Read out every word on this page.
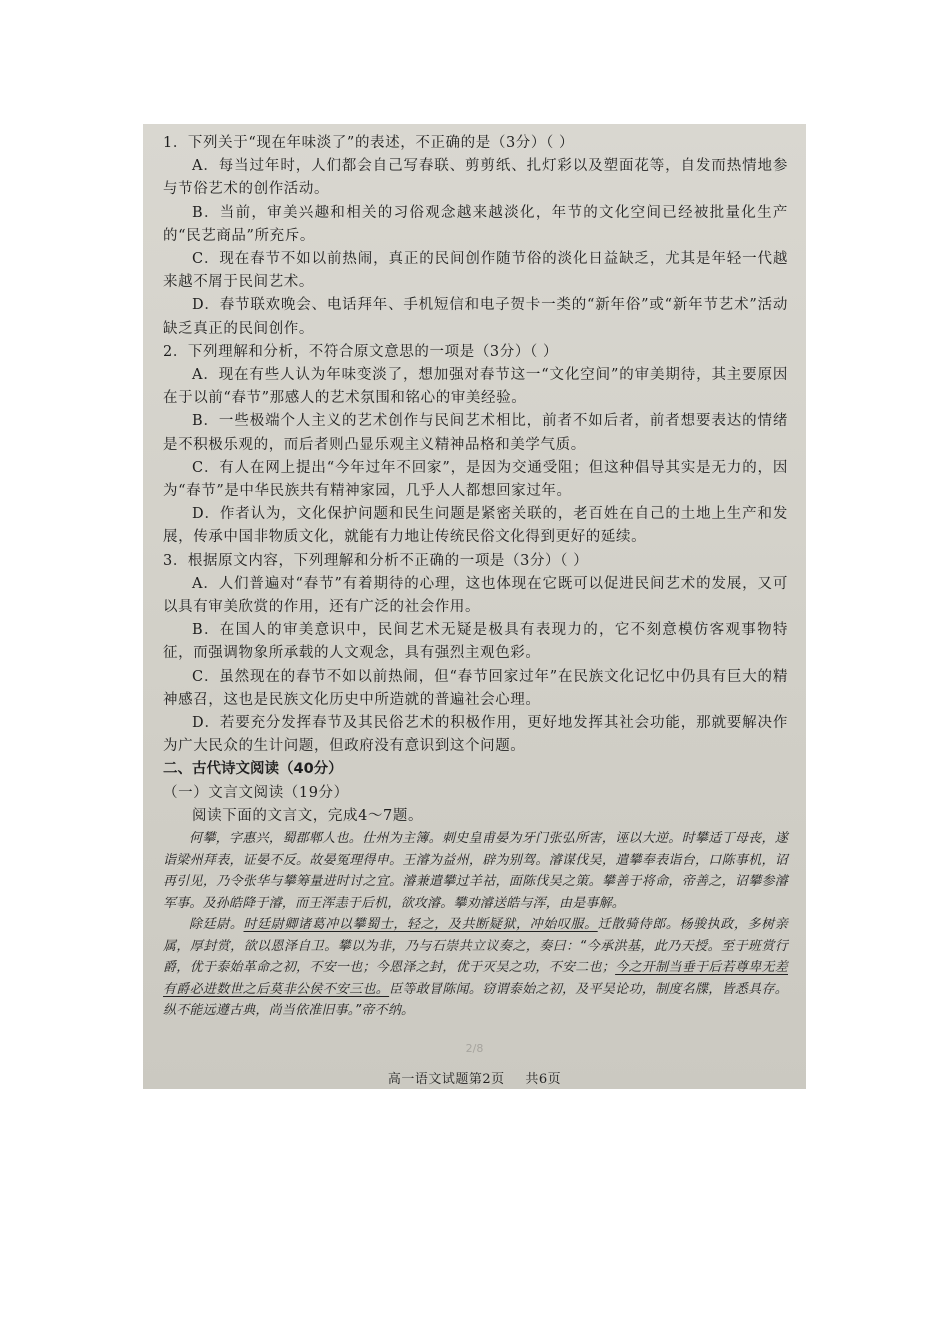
1．下列关于“现在年味淡了”的表述，不正确的是（3分）（ ）

A．每当过年时，人们都会自己写春联、剪剪纸、扎灯彩以及塑面花等，自发而热情地参与节俗艺术的创作活动。

B．当前，审美兴趣和相关的习俗观念越来越淡化，年节的文化空间已经被批量化生产的“民艺商品”所充斥。

C．现在春节不如以前热闹，真正的民间创作随节俗的淡化日益缺乏，尤其是年轻一代越来越不屑于民间艺术。

D．春节联欢晚会、电话拜年、手机短信和电子贺卡一类的“新年俗”或“新年节艺术”活动缺乏真正的民间创作。

2．下列理解和分析，不符合原文意思的一项是（3分）（ ）

A．现在有些人认为年味变淡了，想加强对春节这一“文化空间”的审美期待，其主要原因在于以前“春节”那感人的艺术氛围和铭心的审美经验。

B．一些极端个人主义的艺术创作与民间艺术相比，前者不如后者，前者想要表达的情绪是不积极乐观的，而后者则凸显乐观主义精神品格和美学气质。

C．有人在网上提出“今年过年不回家”，是因为交通受阻；但这种倡导其实是无力的，因为“春节”是中华民族共有精神家园，几乎人人都想回家过年。

D．作者认为，文化保护问题和民生问题是紧密关联的，老百姓在自己的土地上生产和发展，传承中国非物质文化，就能有力地让传统民俗文化得到更好的延续。

3．根据原文内容，下列理解和分析不正确的一项是（3分）（ ）

A．人们普遍对“春节”有着期待的心理，这也体现在它既可以促进民间艺术的发展，又可以具有审美欣赏的作用，还有广泛的社会作用。

B．在国人的审美意识中，民间艺术无疑是极具有表现力的，它不刻意模仿客观事物特征，而强调物象所承载的人文观念，具有强烈主观色彩。

C．虽然现在的春节不如以前热闹，但“春节回家过年”在民族文化记忆中仍具有巨大的精神感召，这也是民族文化历史中所造就的普遍社会心理。

D．若要充分发挥春节及其民俗艺术的积极作用，更好地发挥其社会功能，那就要解决作为广大民众的生计问题，但政府没有意识到这个问题。

二、古代诗文阅读（40分）

（一）文言文阅读（19分）

阅读下面的文言文，完成4～7题。

何攀，字惠兴，蜀郡郫人也。仕州为主簿。刺史皇甫晏为牙门张弘所害，诬以大逆。时攀适丁母丧，遂诣梁州拜表，证晏不反。故晏冤理得申。王濬为益州，辟为别驾。濬谋伐吴，遣攀奉表诣台，口陈事机，诏再引见，乃令张华与攀筹量进时讨之宜。濬兼遣攀过羊祜，面陈伐吴之策。攀善于将命，帝善之，诏攀参濬军事。及孙皓降于濬，而王浑恚于后机，欲攻濬。攀劝濬送皓与浑，由是事解。

除廷尉。时廷尉卿诸葛冲以攀蜀士，轻之，及共断疑狱，冲始叹服。迁散骑侍郎。杨骏执政，多树亲属，厚封赏，欲以恩泽自卫。攀以为非，乃与石崇共立议奏之，奏曰：“今承洪基，此乃天授。至于班赏行爵，优于泰始革命之初，不安一也；今恩泽之封，优于灭吴之功，不安二也；今之开制当垂于后若尊卑无差有爵必进数世之后莫非公侯不安三也。臣等敢冒陈闻。窃谓泰始之初，及平吴论功，制度名牒，皆悉具存。纵不能远遵古典，尚当依准旧事。”帝不纳。

2/8
高一语文试题第2页 共6页
